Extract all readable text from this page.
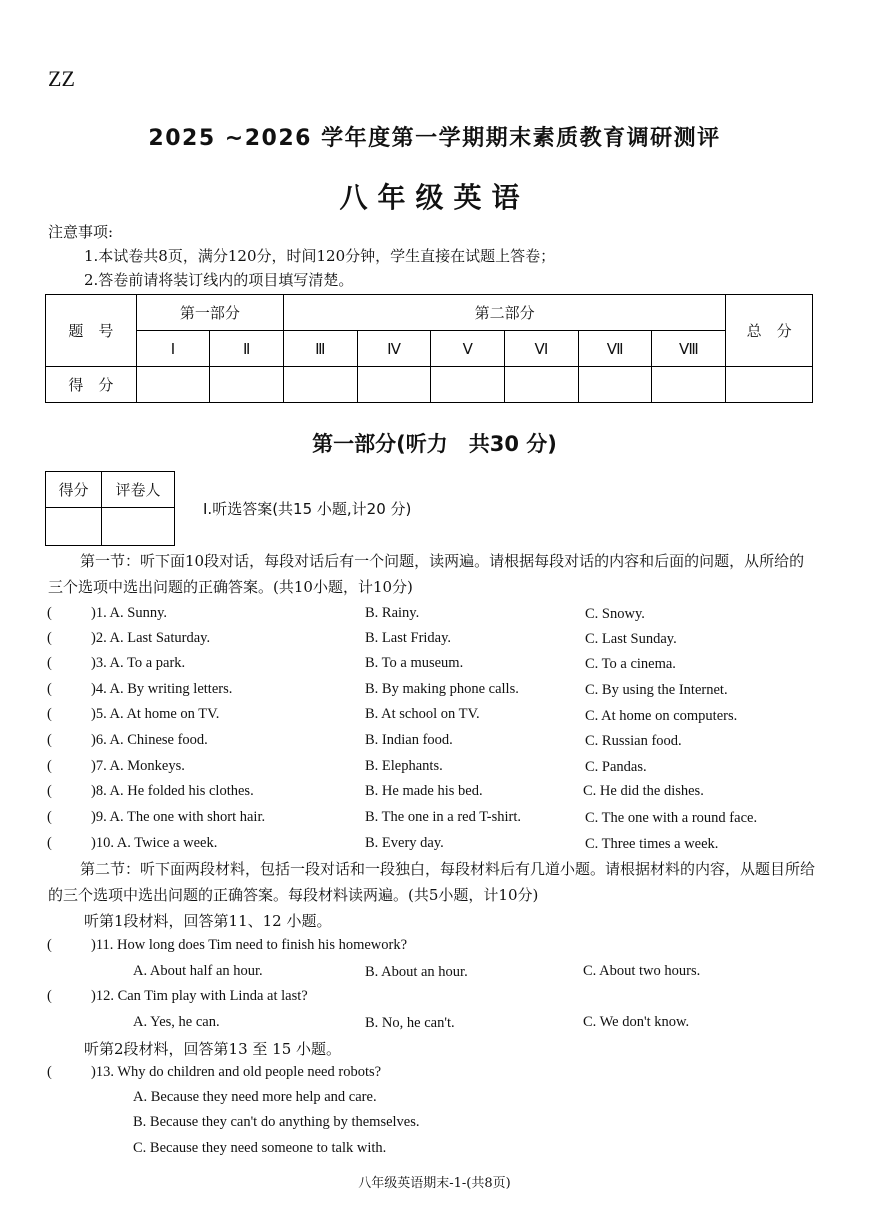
ZZ
2025 ~2026 学年度第一学期期末素质教育调研测评
八年级英语
注意事项:
1.本试卷共8页，满分120分，时间120分钟，学生直接在试题上答卷；
2.答卷前请将装订线内的项目填写清楚。
题　号	第一部分		第二部分						总　分
	Ⅰ	Ⅱ	Ⅲ	Ⅳ	Ⅴ	Ⅵ	Ⅶ	Ⅷ	
得　分									
第一部分(听力　共30 分)
得分	评卷人

Ⅰ.听选答案(共15 小题,计20 分)
第一节：听下面10段对话，每段对话后有一个问题，读两遍。请根据每段对话的内容和后面的问题，从所给的三个选项中选出问题的正确答案。(共10小题，计10分)
(	)1. A. Sunny.	B. Rainy.	C. Snowy.
(	)2. A. Last Saturday.	B. Last Friday.	C. Last Sunday.
(	)3. A. To a park.	B. To a museum.	C. To a cinema.
(	)4. A. By writing letters.	B. By making phone calls.	C. By using the Internet.
(	)5. A. At home on TV.	B. At school on TV.	C. At home on computers.
(	)6. A. Chinese food.	B. Indian food.	C. Russian food.
(	)7. A. Monkeys.	B. Elephants.	C. Pandas.
(	)8. A. He folded his clothes.	B. He made his bed.	C. He did the dishes.
(	)9. A. The one with short hair.	B. The one in a red T-shirt.	C. The one with a round face.
(	)10. A. Twice a week.	B. Every day.	C. Three times a week.
第二节：听下面两段材料，包括一段对话和一段独白，每段材料后有几道小题。请根据材料的内容，从题目所给的三个选项中选出问题的正确答案。每段材料读两遍。(共5小题，计10分)
听第1段材料，回答第11、12 小题。
(	)11. How long does Tim need to finish his homework?
A. About half an hour.	B. About an hour.	C. About two hours.
(	)12. Can Tim play with Linda at last?
A. Yes, he can.	B. No, he can't.	C. We don't know.
听第2段材料，回答第13 至 15 小题。
(	)13. Why do children and old people need robots?
A. Because they need more help and care.
B. Because they can't do anything by themselves.
C. Because they need someone to talk with.
八年级英语期末-1-(共8页)
